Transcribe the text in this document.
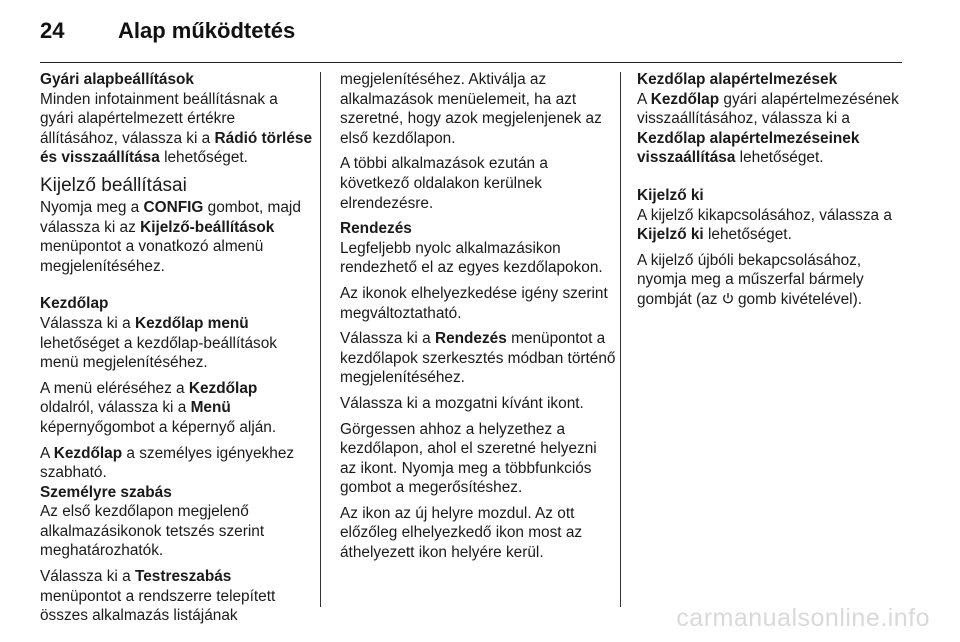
24 Alap működtetés
Gyári alapbeállítások

Minden infotainment beállításnak a gyári alapértelmezett értékre állításához, válassza ki a Rádió törlése és visszaállítása lehetőséget.

Kijelző beállításai

Nyomja meg a CONFIG gombot, majd válassza ki az Kijelző-beállítások menüpontot a vonatkozó almenü megjelenítéséhez.

Kezdőlap

Válassza ki a Kezdőlap menü lehetőséget a kezdőlap-beállítások menü megjelenítéséhez.

A menü eléréséhez a Kezdőlap oldalról, válassza ki a Menü képernyőgombot a képernyő alján.

A Kezdőlap a személyes igényekhez szabható.

Személyre szabás

Az első kezdőlapon megjelenő alkalmazásikonok tetszés szerint meghatározhatók.

Válassza ki a Testreszabás menüpontot a rendszerre telepített összes alkalmazás listájának

megjelenítéséhez. Aktiválja az alkalmazások menüelemeit, ha azt szeretné, hogy azok megjelenjenek az első kezdőlapon.

A többi alkalmazások ezután a következő oldalakon kerülnek elrendezésre.

Rendezés

Legfeljebb nyolc alkalmazásikon rendezhető el az egyes kezdőlapokon.

Az ikonok elhelyezkedése igény szerint megváltoztatható.

Válassza ki a Rendezés menüpontot a kezdőlapok szerkesztés módban történő megjelenítéséhez.

Válassza ki a mozgatni kívánt ikont.

Görgessen ahhoz a helyzethez a kezdőlapon, ahol el szeretné helyezni az ikont. Nyomja meg a többfunkciós gombot a megerősítéshez.

Az ikon az új helyre mozdul. Az ott előzőleg elhelyezkedő ikon most az áthelyezett ikon helyére kerül.

Kezdőlap alapértelmezések

A Kezdőlap gyári alapértelmezésének visszaállításához, válassza ki a Kezdőlap alapértelmezéseinek visszaállítása lehetőséget.

Kijelző ki

A kijelző kikapcsolásához, válassza a Kijelző ki lehetőséget.

A kijelző újbóli bekapcsolásához, nyomja meg a műszerfal bármely gombját (az  gomb kivételével).

carmanualsonline.info
